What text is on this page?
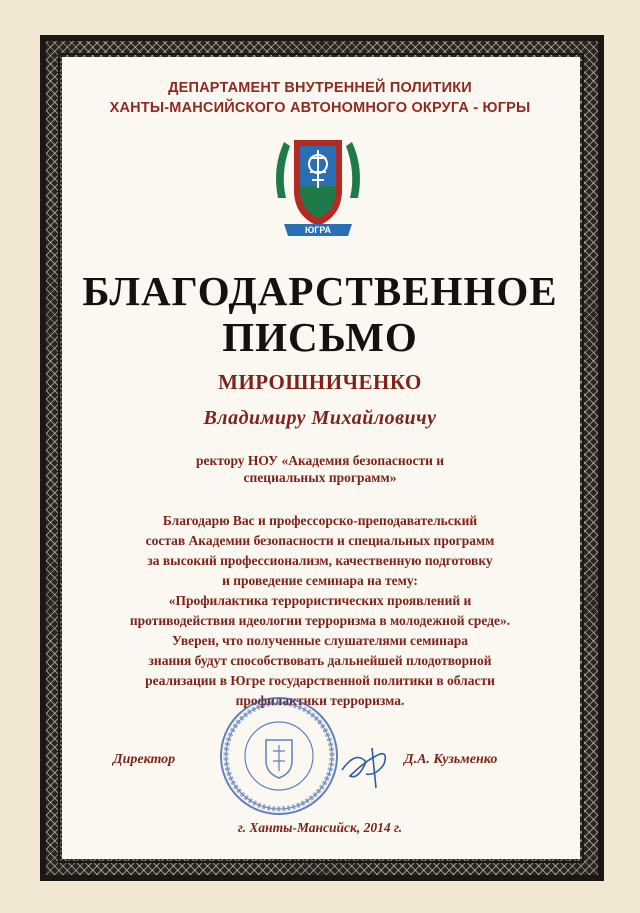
ДЕПАРТАМЕНТ ВНУТРЕННЕЙ ПОЛИТИКИ
ХАНТЫ-МАНСИЙСКОГО АВТОНОМНОГО ОКРУГА - ЮГРЫ
ЮГРА
БЛАГОДАРСТВЕННОЕ
ПИСЬМО
МИРОШНИЧЕНКО
Владимиру Михайловичу
ректору НОУ «Академия безопасности и
специальных программ»
Благодарю Вас и профессорско-преподавательский
состав Академии безопасности и специальных программ
за высокий профессионализм, качественную подготовку
и проведение семинара на тему:
«Профилактика террористических проявлений и
противодействия идеологии терроризма в молодежной среде».
Уверен, что полученные слушателями семинара
знания будут способствовать дальнейшей плодотворной
реализации в Югре государственной политики в области
профилактики терроризма.
Директор	Д.А. Кузьменко
г. Ханты-Мансийск, 2014 г.
